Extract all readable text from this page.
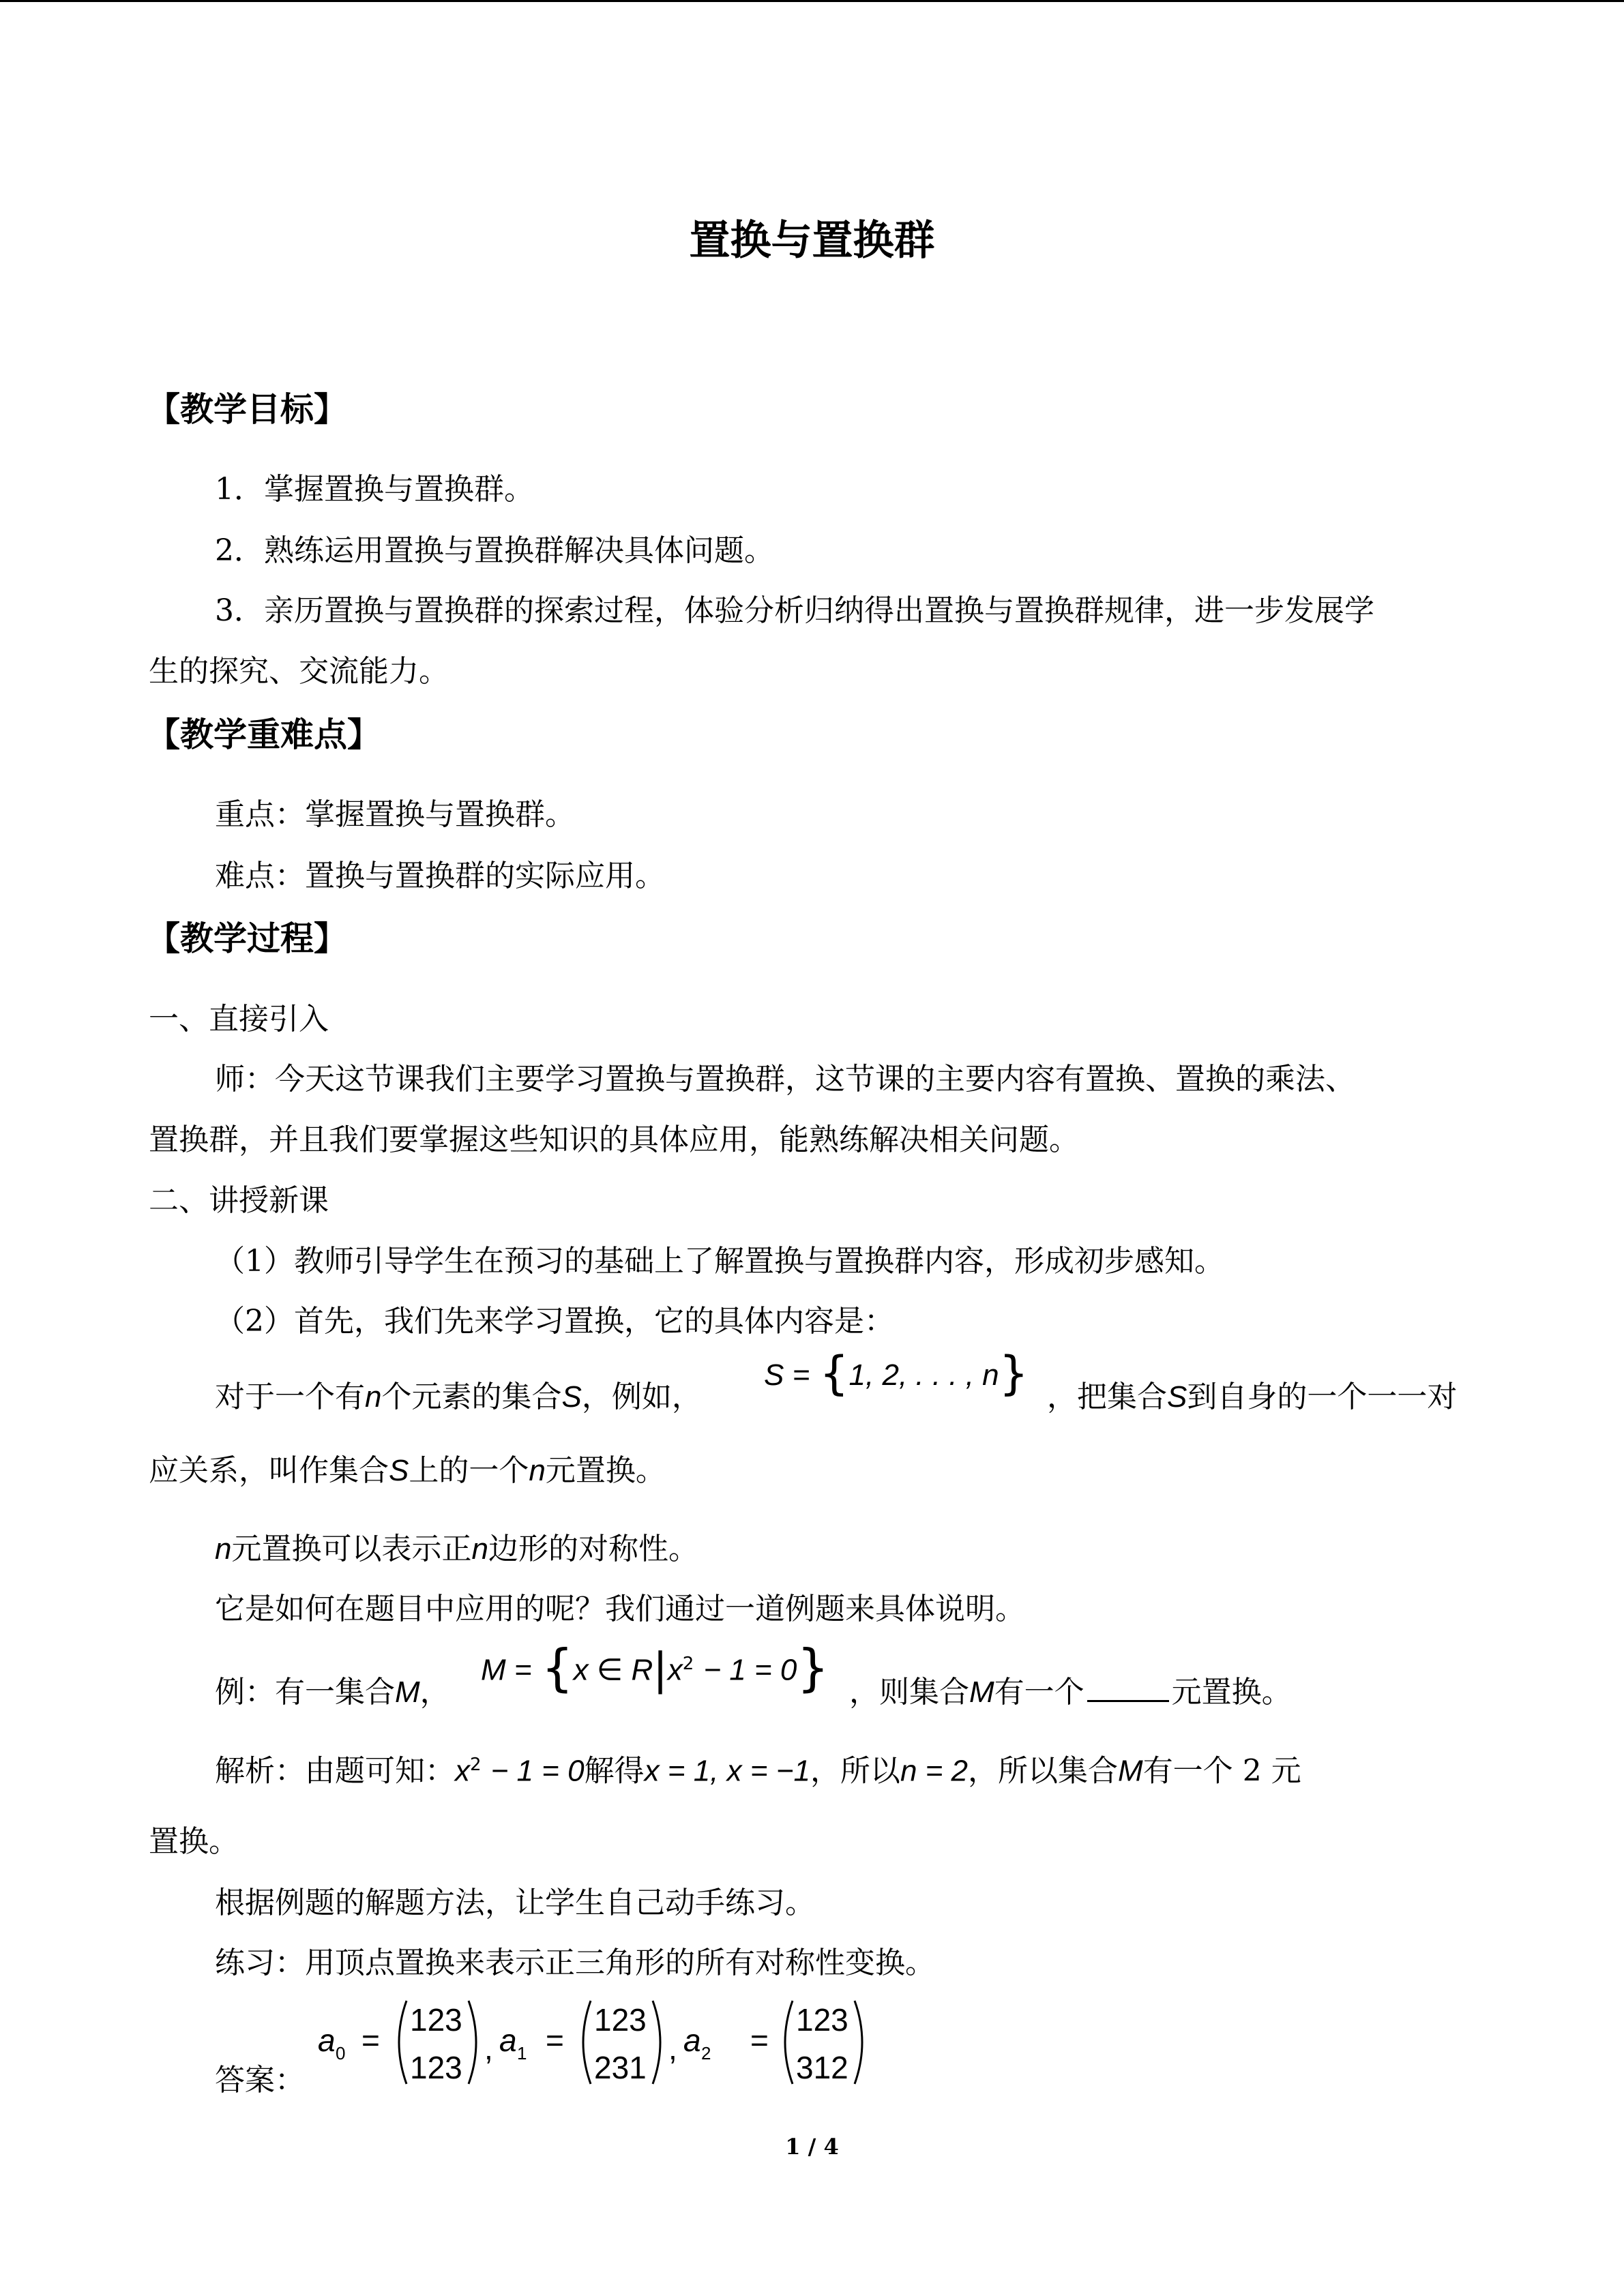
置换与置换群
【教学目标】
1．掌握置换与置换群。
2．熟练运用置换与置换群解决具体问题。
3．亲历置换与置换群的探索过程，体验分析归纳得出置换与置换群规律，进一步发展学
生的探究、交流能力。
【教学重难点】
重点：掌握置换与置换群。
难点：置换与置换群的实际应用。
【教学过程】
一、直接引入
师：今天这节课我们主要学习置换与置换群，这节课的主要内容有置换、置换的乘法、
置换群，并且我们要掌握这些知识的具体应用，能熟练解决相关问题。
二、讲授新课
（1）教师引导学生在预习的基础上了解置换与置换群内容，形成初步感知。
（2）首先，我们先来学习置换，它的具体内容是：
对于一个有n个元素的集合S，例如，
S = {1, 2, . . . , n} ，把集合S到自身的一个一一对
应关系，叫作集合S上的一个n元置换。
n元置换可以表示正n边形的对称性。
它是如何在题目中应用的呢？我们通过一道例题来具体说明。
例：有一集合M，
M = {x ∈ $R|x^2 - 1 = 0$} ，则集合M有一个	元置换。
解析：由题可知：$x^2 - 1 = 0$解得x = 1, x = −1，所以n = 2，所以集合M有一个 2 元
置换。
根据例题的解题方法，让学生自己动手练习。
练习：用顶点置换来表示正三角形的所有对称性变换。
答案：
a 0 =
123
123
, a 1 =
123
231
, a 2 =
123
312
1 / 4
